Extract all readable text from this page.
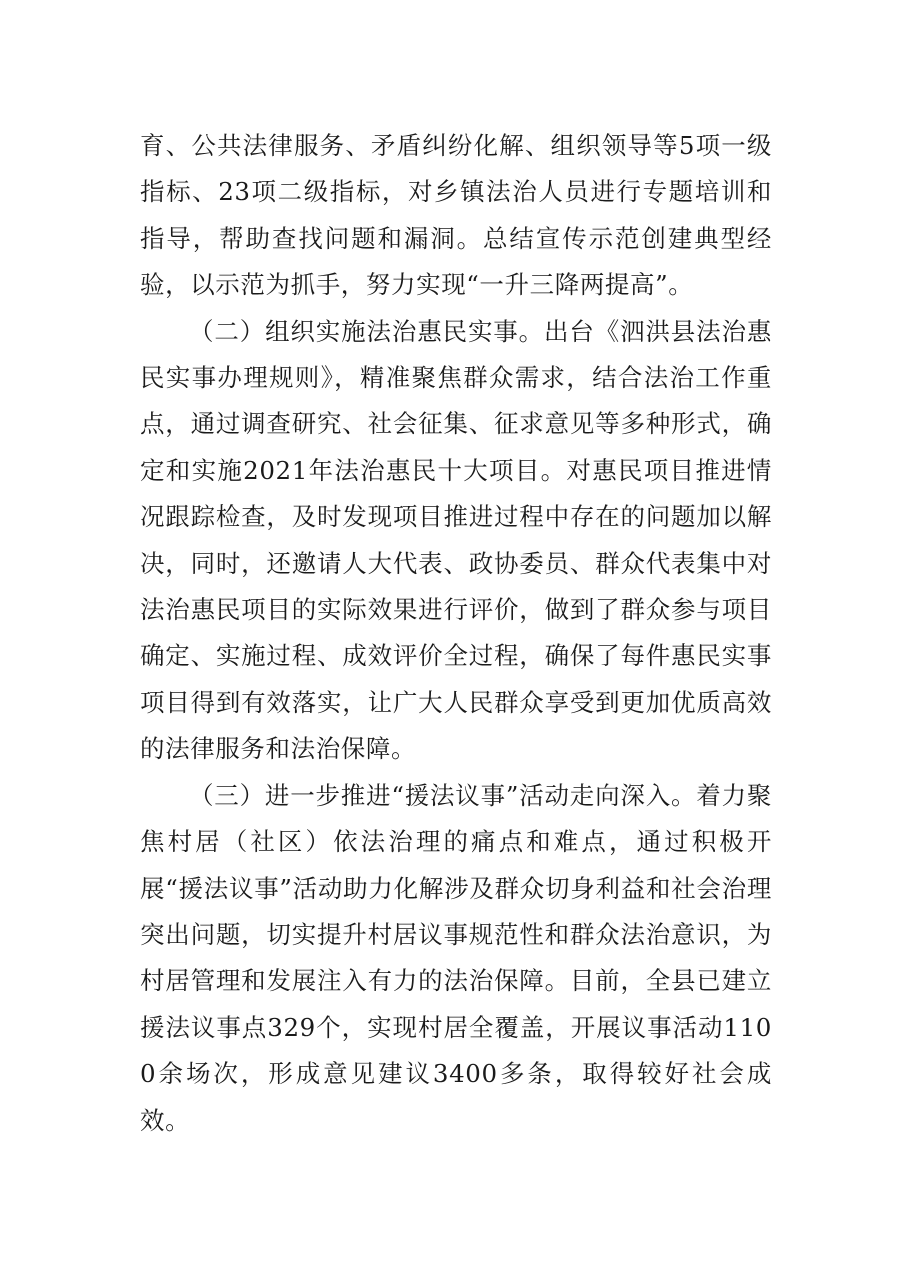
育、公共法律服务、矛盾纠纷化解、组织领导等5项一级指标、23项二级指标，对乡镇法治人员进行专题培训和指导，帮助查找问题和漏洞。总结宣传示范创建典型经验，以示范为抓手，努力实现“一升三降两提高”。

（二）组织实施法治惠民实事。出台《泗洪县法治惠民实事办理规则》，精准聚焦群众需求，结合法治工作重点，通过调查研究、社会征集、征求意见等多种形式，确定和实施2021年法治惠民十大项目。对惠民项目推进情况跟踪检查，及时发现项目推进过程中存在的问题加以解决，同时，还邀请人大代表、政协委员、群众代表集中对法治惠民项目的实际效果进行评价，做到了群众参与项目确定、实施过程、成效评价全过程，确保了每件惠民实事项目得到有效落实，让广大人民群众享受到更加优质高效的法律服务和法治保障。

（三）进一步推进“援法议事”活动走向深入。着力聚焦村居（社区）依法治理的痛点和难点，通过积极开展“援法议事”活动助力化解涉及群众切身利益和社会治理突出问题，切实提升村居议事规范性和群众法治意识，为村居管理和发展注入有力的法治保障。目前，全县已建立援法议事点329个，实现村居全覆盖，开展议事活动1100余场次，形成意见建议3400多条，取得较好社会成效。
